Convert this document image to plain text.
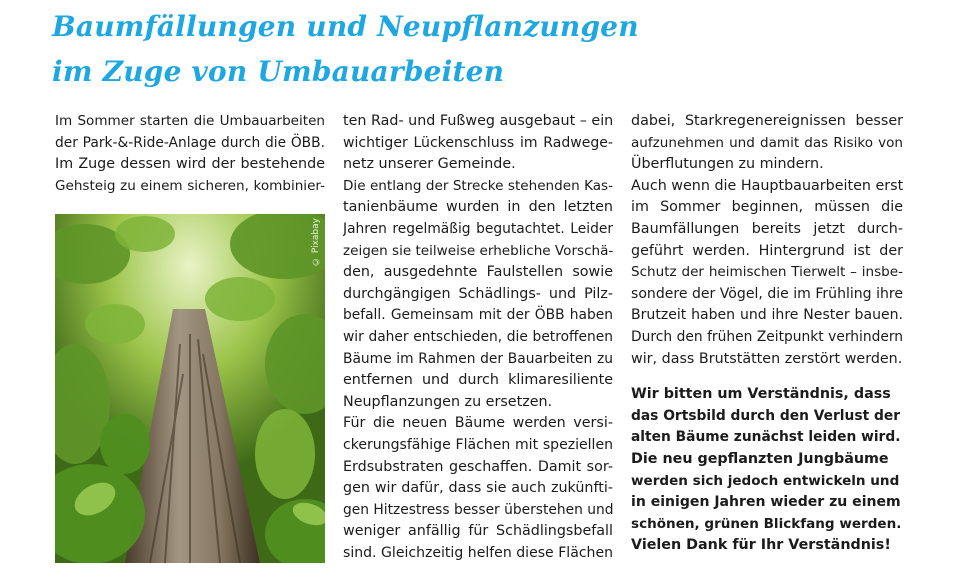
Baumfällungen und Neupflanzungen
im Zuge von Umbauarbeiten
Im Sommer starten die Umbauarbeiten
der Park-&-Ride-Anlage durch die ÖBB.
Im Zuge dessen wird der bestehende
Gehsteig zu einem sicheren, kombinier-
© Pixabay
ten Rad- und Fußweg ausgebaut – ein
wichtiger Lückenschluss im Radwege-
netz unserer Gemeinde.
Die entlang der Strecke stehenden Kas-
tanienbäume wurden in den letzten
Jahren regelmäßig begutachtet. Leider
zeigen sie teilweise erhebliche Vorschä-
den, ausgedehnte Faulstellen sowie
durchgängigen Schädlings- und Pilz-
befall. Gemeinsam mit der ÖBB haben
wir daher entschieden, die betroffenen
Bäume im Rahmen der Bauarbeiten zu
entfernen und durch klimaresiliente
Neupflanzungen zu ersetzen.
Für die neuen Bäume werden versi-
ckerungsfähige Flächen mit speziellen
Erdsubstraten geschaffen. Damit sor-
gen wir dafür, dass sie auch zukünfti-
gen Hitzestress besser überstehen und
weniger anfällig für Schädlingsbefall
sind. Gleichzeitig helfen diese Flächen
dabei, Starkregenereignissen besser
aufzunehmen und damit das Risiko von
Überflutungen zu mindern.
Auch wenn die Hauptbauarbeiten erst
im Sommer beginnen, müssen die
Baumfällungen bereits jetzt durch-
geführt werden. Hintergrund ist der
Schutz der heimischen Tierwelt – insbe-
sondere der Vögel, die im Frühling ihre
Brutzeit haben und ihre Nester bauen.
Durch den frühen Zeitpunkt verhindern
wir, dass Brutstätten zerstört werden.
Wir bitten um Verständnis, dass
das Ortsbild durch den Verlust der
alten Bäume zunächst leiden wird.
Die neu gepflanzten Jungbäume
werden sich jedoch entwickeln und
in einigen Jahren wieder zu einem
schönen, grünen Blickfang werden.
Vielen Dank für Ihr Verständnis!
